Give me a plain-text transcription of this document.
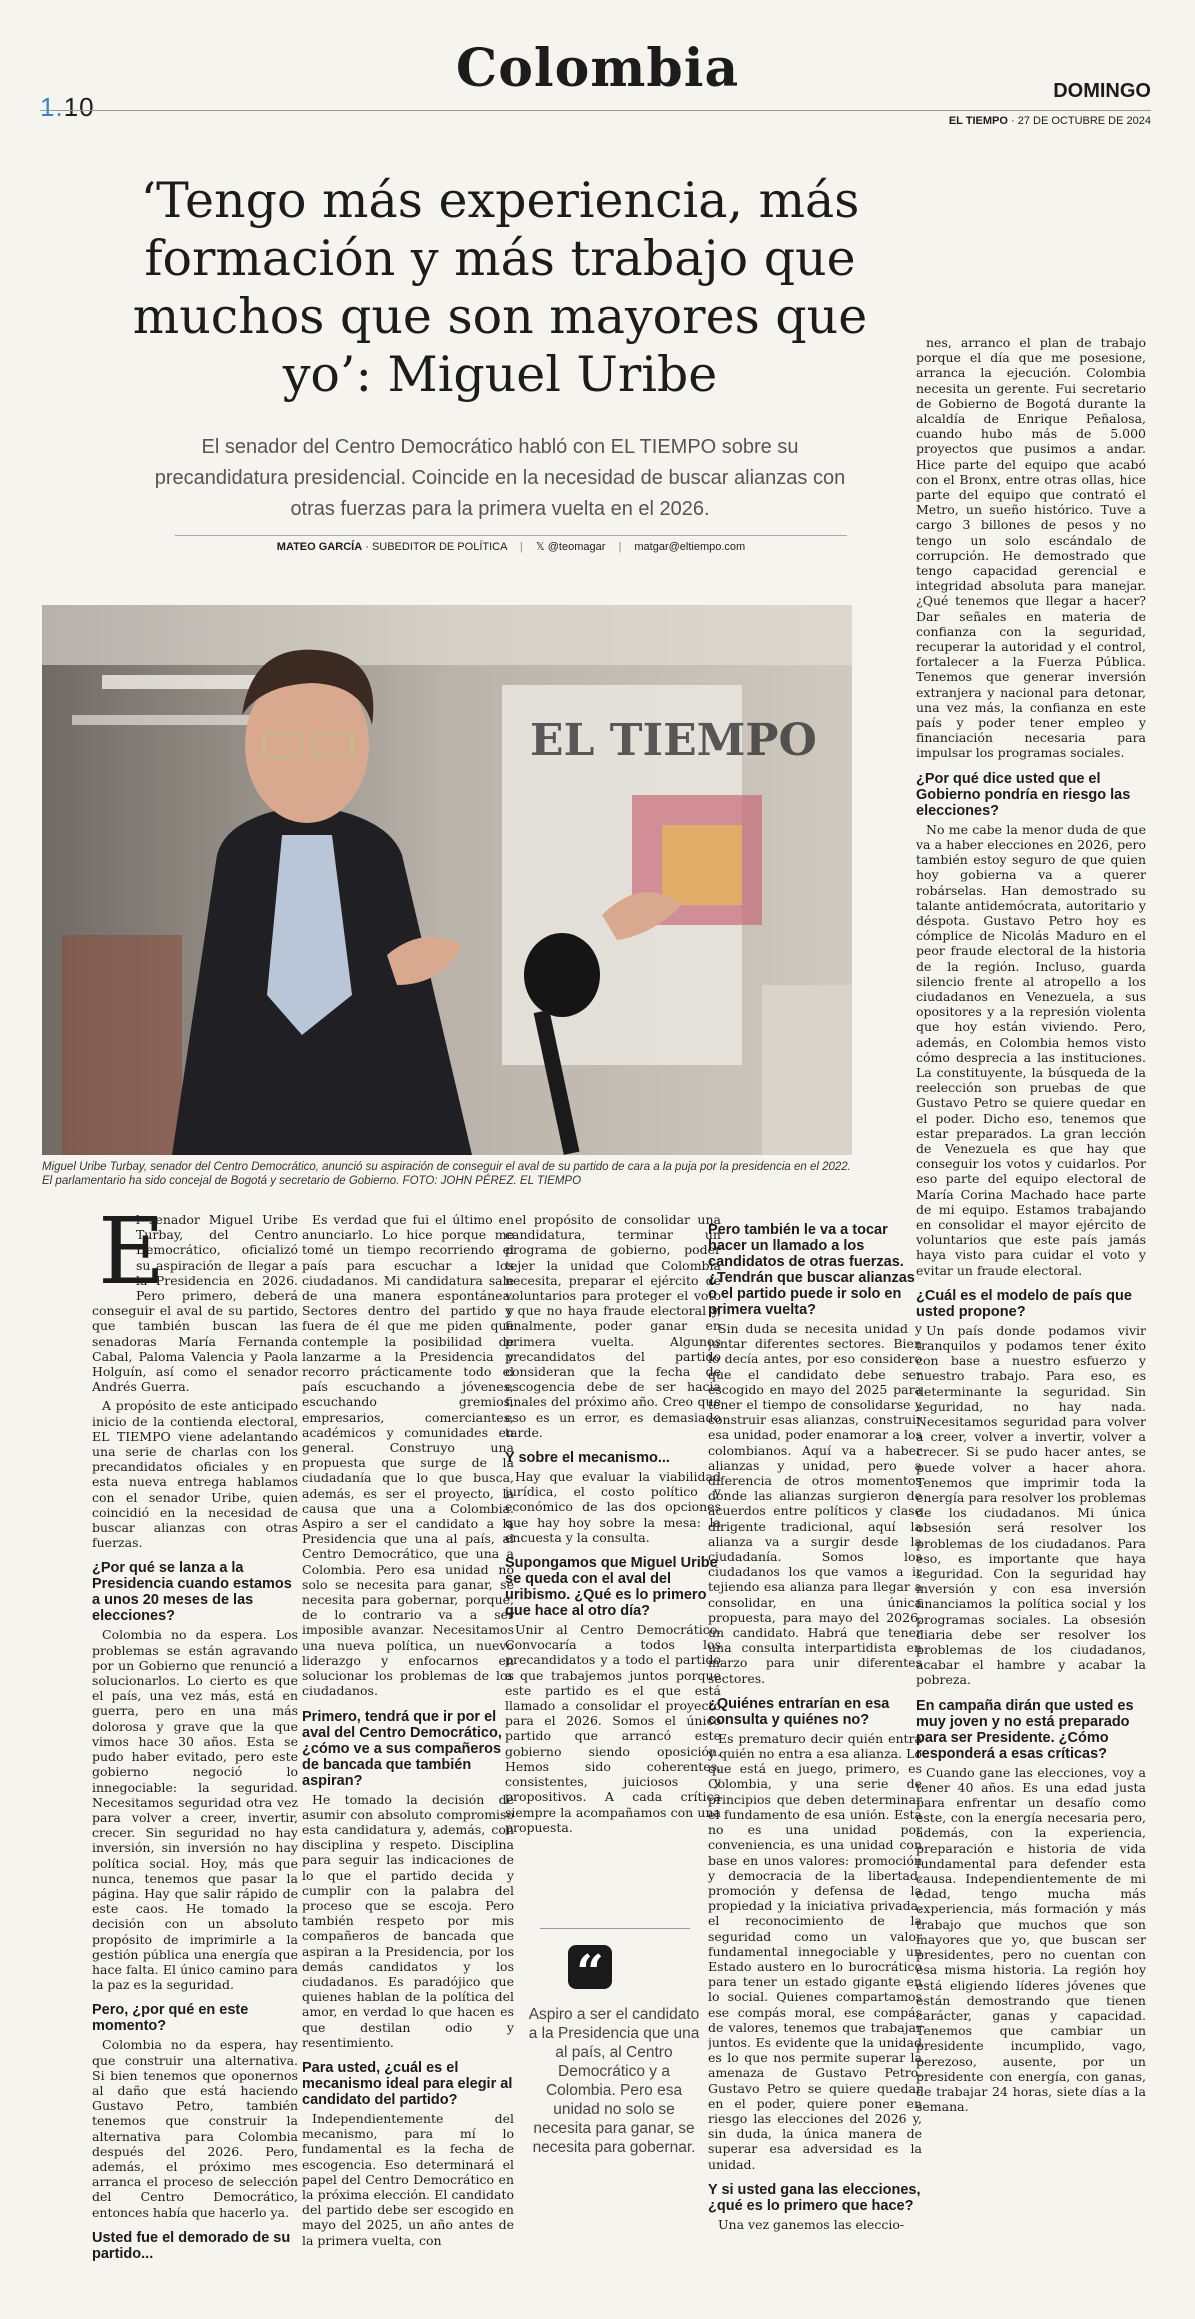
1.10
Colombia	DOMINGO
EL TIEMPO · 27 DE OCTUBRE DE 2024
‘Tengo más experiencia, más formación y más trabajo que muchos que son mayores que yo’: Miguel Uribe
El senador del Centro Democrático habló con EL TIEMPO sobre su precandidatura presidencial. Coincide en la necesidad de buscar alianzas con otras fuerzas para la primera vuelta en el 2026.
MATEO GARCÍA · SUBEDITOR DE POLÍTICA | 𝕏 @teomagar | matgar@eltiempo.com
EL TIEMPO
Miguel Uribe Turbay, senador del Centro Democrático, anunció su aspiración de conseguir el aval de su partido de cara a la puja por la presidencia en el 2022. El parlamentario ha sido concejal de Bogotá y secretario de Gobierno. FOTO: JOHN PÉREZ. EL TIEMPO
E

l senador Miguel Uribe Turbay, del Centro Democrático, oficializó su aspiración de llegar a la Presidencia en 2026. Pero primero, deberá conseguir el aval de su partido, que también buscan las senadoras María Fernanda Cabal, Paloma Valencia y Paola Holguín, así como el senador Andrés Guerra.

A propósito de este anticipado inicio de la contienda electoral, EL TIEMPO viene adelantando una serie de charlas con los precandidatos oficiales y en esta nueva entrega hablamos con el senador Uribe, quien coincidió en la necesidad de buscar alianzas con otras fuerzas.

¿Por qué se lanza a la Presidencia cuando estamos a unos 20 meses de las elecciones?

Colombia no da espera. Los problemas se están agravando por un Gobierno que renunció a solucionarlos. Lo cierto es que el país, una vez más, está en guerra, pero en una más dolorosa y grave que la que vimos hace 30 años. Esta se pudo haber evitado, pero este gobierno negoció lo innegociable: la seguridad. Necesitamos seguridad otra vez para volver a creer, invertir, crecer. Sin seguridad no hay inversión, sin inversión no hay política social. Hoy, más que nunca, tenemos que pasar la página. Hay que salir rápido de este caos. He tomado la decisión con un absoluto propósito de imprimirle a la gestión pública una energía que hace falta. El único camino para la paz es la seguridad.

Pero, ¿por qué en este momento?

Colombia no da espera, hay que construir una alternativa. Si bien tenemos que oponernos al daño que está haciendo Gustavo Petro, también tenemos que construir la alternativa para Colombia después del 2026. Pero, además, el próximo mes arranca el proceso de selección del Centro Democrático, entonces había que hacerlo ya.

Usted fue el demorado de su partido...

Es verdad que fui el último en anunciarlo. Lo hice porque me tomé un tiempo recorriendo el país para escuchar a los ciudadanos. Mi candidatura sale de una manera espontánea. Sectores dentro del partido y fuera de él que me piden que contemple la posibilidad de lanzarme a la Presidencia y recorro prácticamente todo el país escuchando a jóvenes, escuchando gremios, empresarios, comerciantes, académicos y comunidades en general. Construyo una propuesta que surge de la ciudadanía que lo que busca, además, es ser el proyecto, la causa que una a Colombia. Aspiro a ser el candidato a la Presidencia que una al país, al Centro Democrático, que una a Colombia. Pero esa unidad no solo se necesita para ganar, se necesita para gobernar, porque, de lo contrario va a ser imposible avanzar. Necesitamos una nueva política, un nuevo liderazgo y enfocarnos en solucionar los problemas de los ciudadanos.

Primero, tendrá que ir por el aval del Centro Democrático, ¿cómo ve a sus compañeros de bancada que también aspiran?

He tomado la decisión de asumir con absoluto compromiso esta candidatura y, además, con disciplina y respeto. Disciplina para seguir las indicaciones de lo que el partido decida y cumplir con la palabra del proceso que se escoja. Pero también respeto por mis compañeros de bancada que aspiran a la Presidencia, por los demás candidatos y los ciudadanos. Es paradójico que quienes hablan de la política del amor, en verdad lo que hacen es que destilan odio y resentimiento.

Para usted, ¿cuál es el mecanismo ideal para elegir al candidato del partido?

Independientemente del mecanismo, para mí lo fundamental es la fecha de escogencia. Eso determinará el papel del Centro Democrático en la próxima elección. El candidato del partido debe ser escogido en mayo del 2025, un año antes de la primera vuelta, con

el propósito de consolidar una candidatura, terminar un programa de gobierno, poder tejer la unidad que Colombia necesita, preparar el ejército de voluntarios para proteger el voto y que no haya fraude electoral y, finalmente, poder ganar en primera vuelta. Algunos precandidatos del partido consideran que la fecha de escogencia debe de ser hacia finales del próximo año. Creo que eso es un error, es demasiado tarde.

Y sobre el mecanismo...

Hay que evaluar la viabilidad jurídica, el costo político y económico de las dos opciones que hay hoy sobre la mesa: la encuesta y la consulta.

Supongamos que Miguel Uribe se queda con el aval del uribismo. ¿Qué es lo primero que hace al otro día?

Unir al Centro Democrático. Convocaría a todos los precandidatos y a todo el partido a que trabajemos juntos porque este partido es el que está llamado a consolidar el proyecto para el 2026. Somos el único partido que arrancó este gobierno siendo oposición. Hemos sido coherentes, consistentes, juiciosos y propositivos. A cada crítica siempre la acompañamos con una propuesta.

Pero también le va a tocar hacer un llamado a los candidatos de otras fuerzas. ¿Tendrán que buscar alianzas o el partido puede ir solo en primera vuelta?

Sin duda se necesita unidad y juntar diferentes sectores. Bien lo decía antes, por eso considero que el candidato debe ser escogido en mayo del 2025 para tener el tiempo de consolidarse y construir esas alianzas, construir esa unidad, poder enamorar a los colombianos. Aquí va a haber alianzas y unidad, pero a diferencia de otros momentos donde las alianzas surgieron de acuerdos entre políticos y clase dirigente tradicional, aquí la alianza va a surgir desde la ciudadanía. Somos los ciudadanos los que vamos a ir tejiendo esa alianza para llegar a consolidar, en una única propuesta, para mayo del 2026, un candidato. Habrá que tener una consulta interpartidista en marzo para unir diferentes sectores.

¿Quiénes entrarían en esa consulta y quiénes no?

Es prematuro decir quién entra y quién no entra a esa alianza. Lo que está en juego, primero, es Colombia, y una serie de principios que deben determinar el fundamento de esa unión. Esta no es una unidad por conveniencia, es una unidad con base en unos valores: promoción y democracia de la libertad, promoción y defensa de la propiedad y la iniciativa privada, el reconocimiento de la seguridad como un valor fundamental innegociable y un Estado austero en lo burocrático para tener un estado gigante en lo social. Quienes compartamos ese compás moral, ese compás de valores, tenemos que trabajar juntos. Es evidente que la unidad es lo que nos permite superar la amenaza de Gustavo Petro. Gustavo Petro se quiere quedar en el poder, quiere poner en riesgo las elecciones del 2026 y, sin duda, la única manera de superar esa adversidad es la unidad.

Y si usted gana las elecciones, ¿qué es lo primero que hace?

Una vez ganemos las eleccio-

nes, arranco el plan de trabajo porque el día que me posesione, arranca la ejecución. Colombia necesita un gerente. Fui secretario de Gobierno de Bogotá durante la alcaldía de Enrique Peñalosa, cuando hubo más de 5.000 proyectos que pusimos a andar. Hice parte del equipo que acabó con el Bronx, entre otras ollas, hice parte del equipo que contrató el Metro, un sueño histórico. Tuve a cargo 3 billones de pesos y no tengo un solo escándalo de corrupción. He demostrado que tengo capacidad gerencial e integridad absoluta para manejar. ¿Qué tenemos que llegar a hacer? Dar señales en materia de confianza con la seguridad, recuperar la autoridad y el control, fortalecer a la Fuerza Pública. Tenemos que generar inversión extranjera y nacional para detonar, una vez más, la confianza en este país y poder tener empleo y financiación necesaria para impulsar los programas sociales.

¿Por qué dice usted que el Gobierno pondría en riesgo las elecciones?

No me cabe la menor duda de que va a haber elecciones en 2026, pero también estoy seguro de que quien hoy gobierna va a querer robárselas. Han demostrado su talante antidemócrata, autoritario y déspota. Gustavo Petro hoy es cómplice de Nicolás Maduro en el peor fraude electoral de la historia de la región. Incluso, guarda silencio frente al atropello a los ciudadanos en Venezuela, a sus opositores y a la represión violenta que hoy están viviendo. Pero, además, en Colombia hemos visto cómo desprecia a las instituciones. La constituyente, la búsqueda de la reelección son pruebas de que Gustavo Petro se quiere quedar en el poder. Dicho eso, tenemos que estar preparados. La gran lección de Venezuela es que hay que conseguir los votos y cuidarlos. Por eso parte del equipo electoral de María Corina Machado hace parte de mi equipo. Estamos trabajando en consolidar el mayor ejército de voluntarios que este país jamás haya visto para cuidar el voto y evitar un fraude electoral.

¿Cuál es el modelo de país que usted propone?

Un país donde podamos vivir tranquilos y podamos tener éxito con base a nuestro esfuerzo y nuestro trabajo. Para eso, es determinante la seguridad. Sin seguridad, no hay nada. Necesitamos seguridad para volver a creer, volver a invertir, volver a crecer. Si se pudo hacer antes, se puede volver a hacer ahora. Tenemos que imprimir toda la energía para resolver los problemas de los ciudadanos. Mi única obsesión será resolver los problemas de los ciudadanos. Para eso, es importante que haya seguridad. Con la seguridad hay inversión y con esa inversión financiamos la política social y los programas sociales. La obsesión diaria debe ser resolver los problemas de los ciudadanos, acabar el hambre y acabar la pobreza.

En campaña dirán que usted es muy joven y no está preparado para ser Presidente. ¿Cómo responderá a esas críticas?

Cuando gane las elecciones, voy a tener 40 años. Es una edad justa para enfrentar un desafío como este, con la energía necesaria pero, además, con la experiencia, preparación e historia de vida fundamental para defender esta causa. Independientemente de mi edad, tengo mucha más experiencia, más formación y más trabajo que muchos que son mayores que yo, que buscan ser presidentes, pero no cuentan con esa misma historia. La región hoy está eligiendo líderes jóvenes que están demostrando que tienen carácter, ganas y capacidad. Tenemos que cambiar un presidente incumplido, vago, perezoso, ausente, por un presidente con energía, con ganas, de trabajar 24 horas, siete días a la semana.

“
Aspiro a ser el candidato a la Presidencia que una al país, al Centro Democrático y a Colombia. Pero esa unidad no solo se necesita para ganar, se necesita para gobernar.
